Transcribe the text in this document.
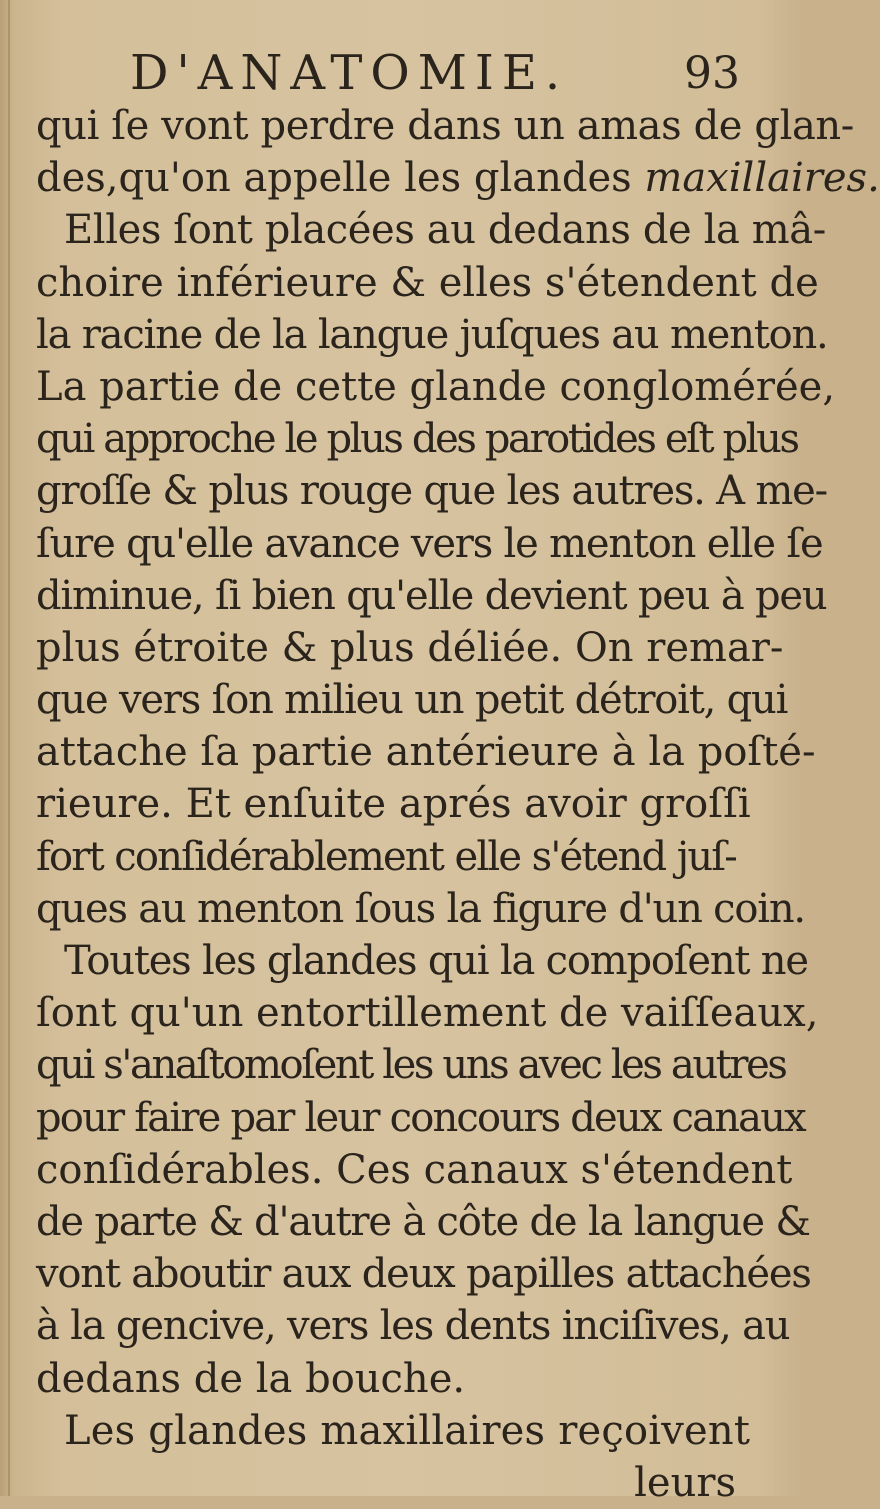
D'ANATOMIE.	93
qui ſe vont perdre dans un amas de glan-
des,qu'on appelle les glandes maxillaires.
Elles ſont placées au dedans de la mâ-
choire inférieure & elles s'étendent de
la racine de la langue juſques au menton.
La partie de cette glande conglomérée,
qui approche le plus des parotides eſt plus
groſſe & plus rouge que les autres. A me-
ſure qu'elle avance vers le menton elle ſe
diminue, ſi bien qu'elle devient peu à peu
plus étroite & plus déliée. On remar-
que vers ſon milieu un petit détroit, qui
attache ſa partie antérieure à la poſté-
rieure. Et enſuite aprés avoir groſſi
fort conſidérablement elle s'étend juſ-
ques au menton ſous la figure d'un coin.
Toutes les glandes qui la compoſent ne
ſont qu'un entortillement de vaiſſeaux,
qui s'anaſtomoſent les uns avec les autres
pour faire par leur concours deux canaux
conſidérables. Ces canaux s'étendent
de parte & d'autre à côte de la langue &
vont aboutir aux deux papilles attachées
à la gencive, vers les dents inciſives, au
dedans de la bouche.
Les glandes maxillaires reçoivent
leurs
